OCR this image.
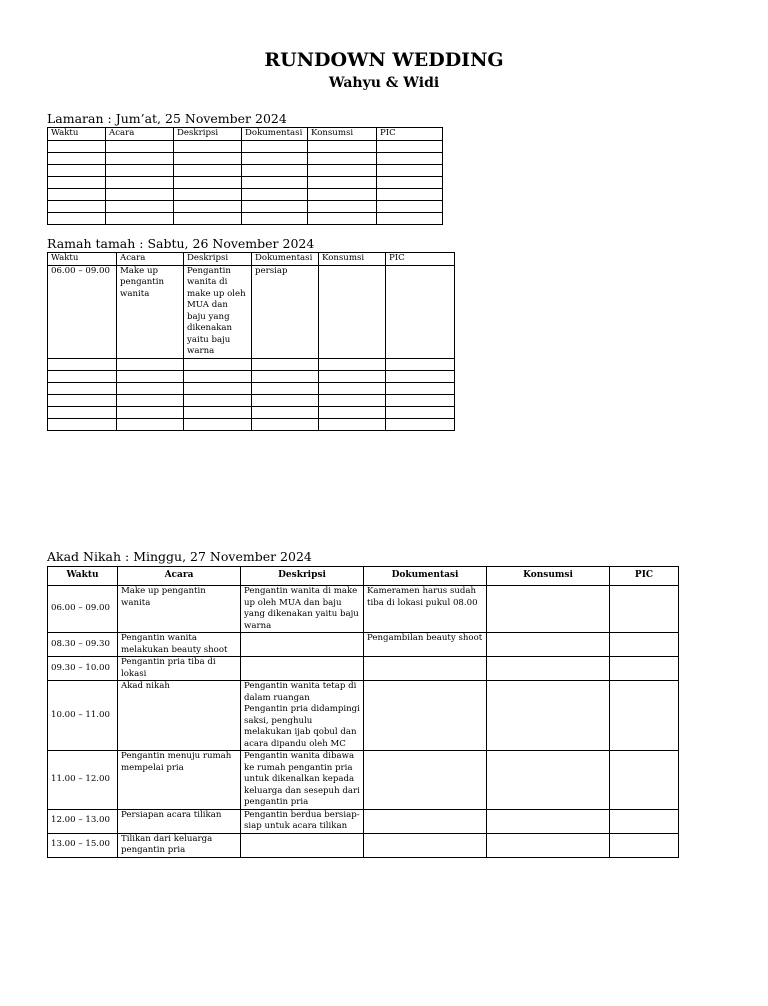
RUNDOWN WEDDING
Wahyu & Widi
Lamaran : Jum’at, 25 November 2024
Waktu	Acara	Deskripsi	Dokumentasi	Konsumsi	PIC

Ramah tamah : Sabtu, 26 November 2024
Waktu	Acara	Deskripsi	Dokumentasi	Konsumsi	PIC
06.00 – 09.00	Make up pengantin wanita	Pengantin wanita di make up oleh MUA dan baju yang dikenakan yaitu baju warna	persiap		

Akad Nikah : Minggu, 27 November 2024
Waktu	Acara	Deskripsi	Dokumentasi	Konsumsi	PIC
06.00 – 09.00	Make up pengantin wanita	Pengantin wanita di make up oleh MUA dan baju yang dikenakan yaitu baju warna	Kameramen harus sudah tiba di lokasi pukul 08.00		
08.30 – 09.30	Pengantin wanita melakukan beauty shoot		Pengambilan beauty shoot		
09.30 – 10.00	Pengantin pria tiba di lokasi				
10.00 – 11.00	Akad nikah	Pengantin wanita tetap di dalam ruangan
Pengantin pria didampingi saksi, penghulu melakukan ijab qobul dan acara dipandu oleh MC			
11.00 – 12.00	Pengantin menuju rumah mempelai pria	Pengantin wanita dibawa ke rumah pengantin pria untuk dikenalkan kepada keluarga dan sesepuh dari pengantin pria			
12.00 – 13.00	Persiapan acara tilikan	Pengantin berdua bersiap-siap untuk acara tilikan			
13.00 – 15.00	Tilikan dari keluarga pengantin pria				
